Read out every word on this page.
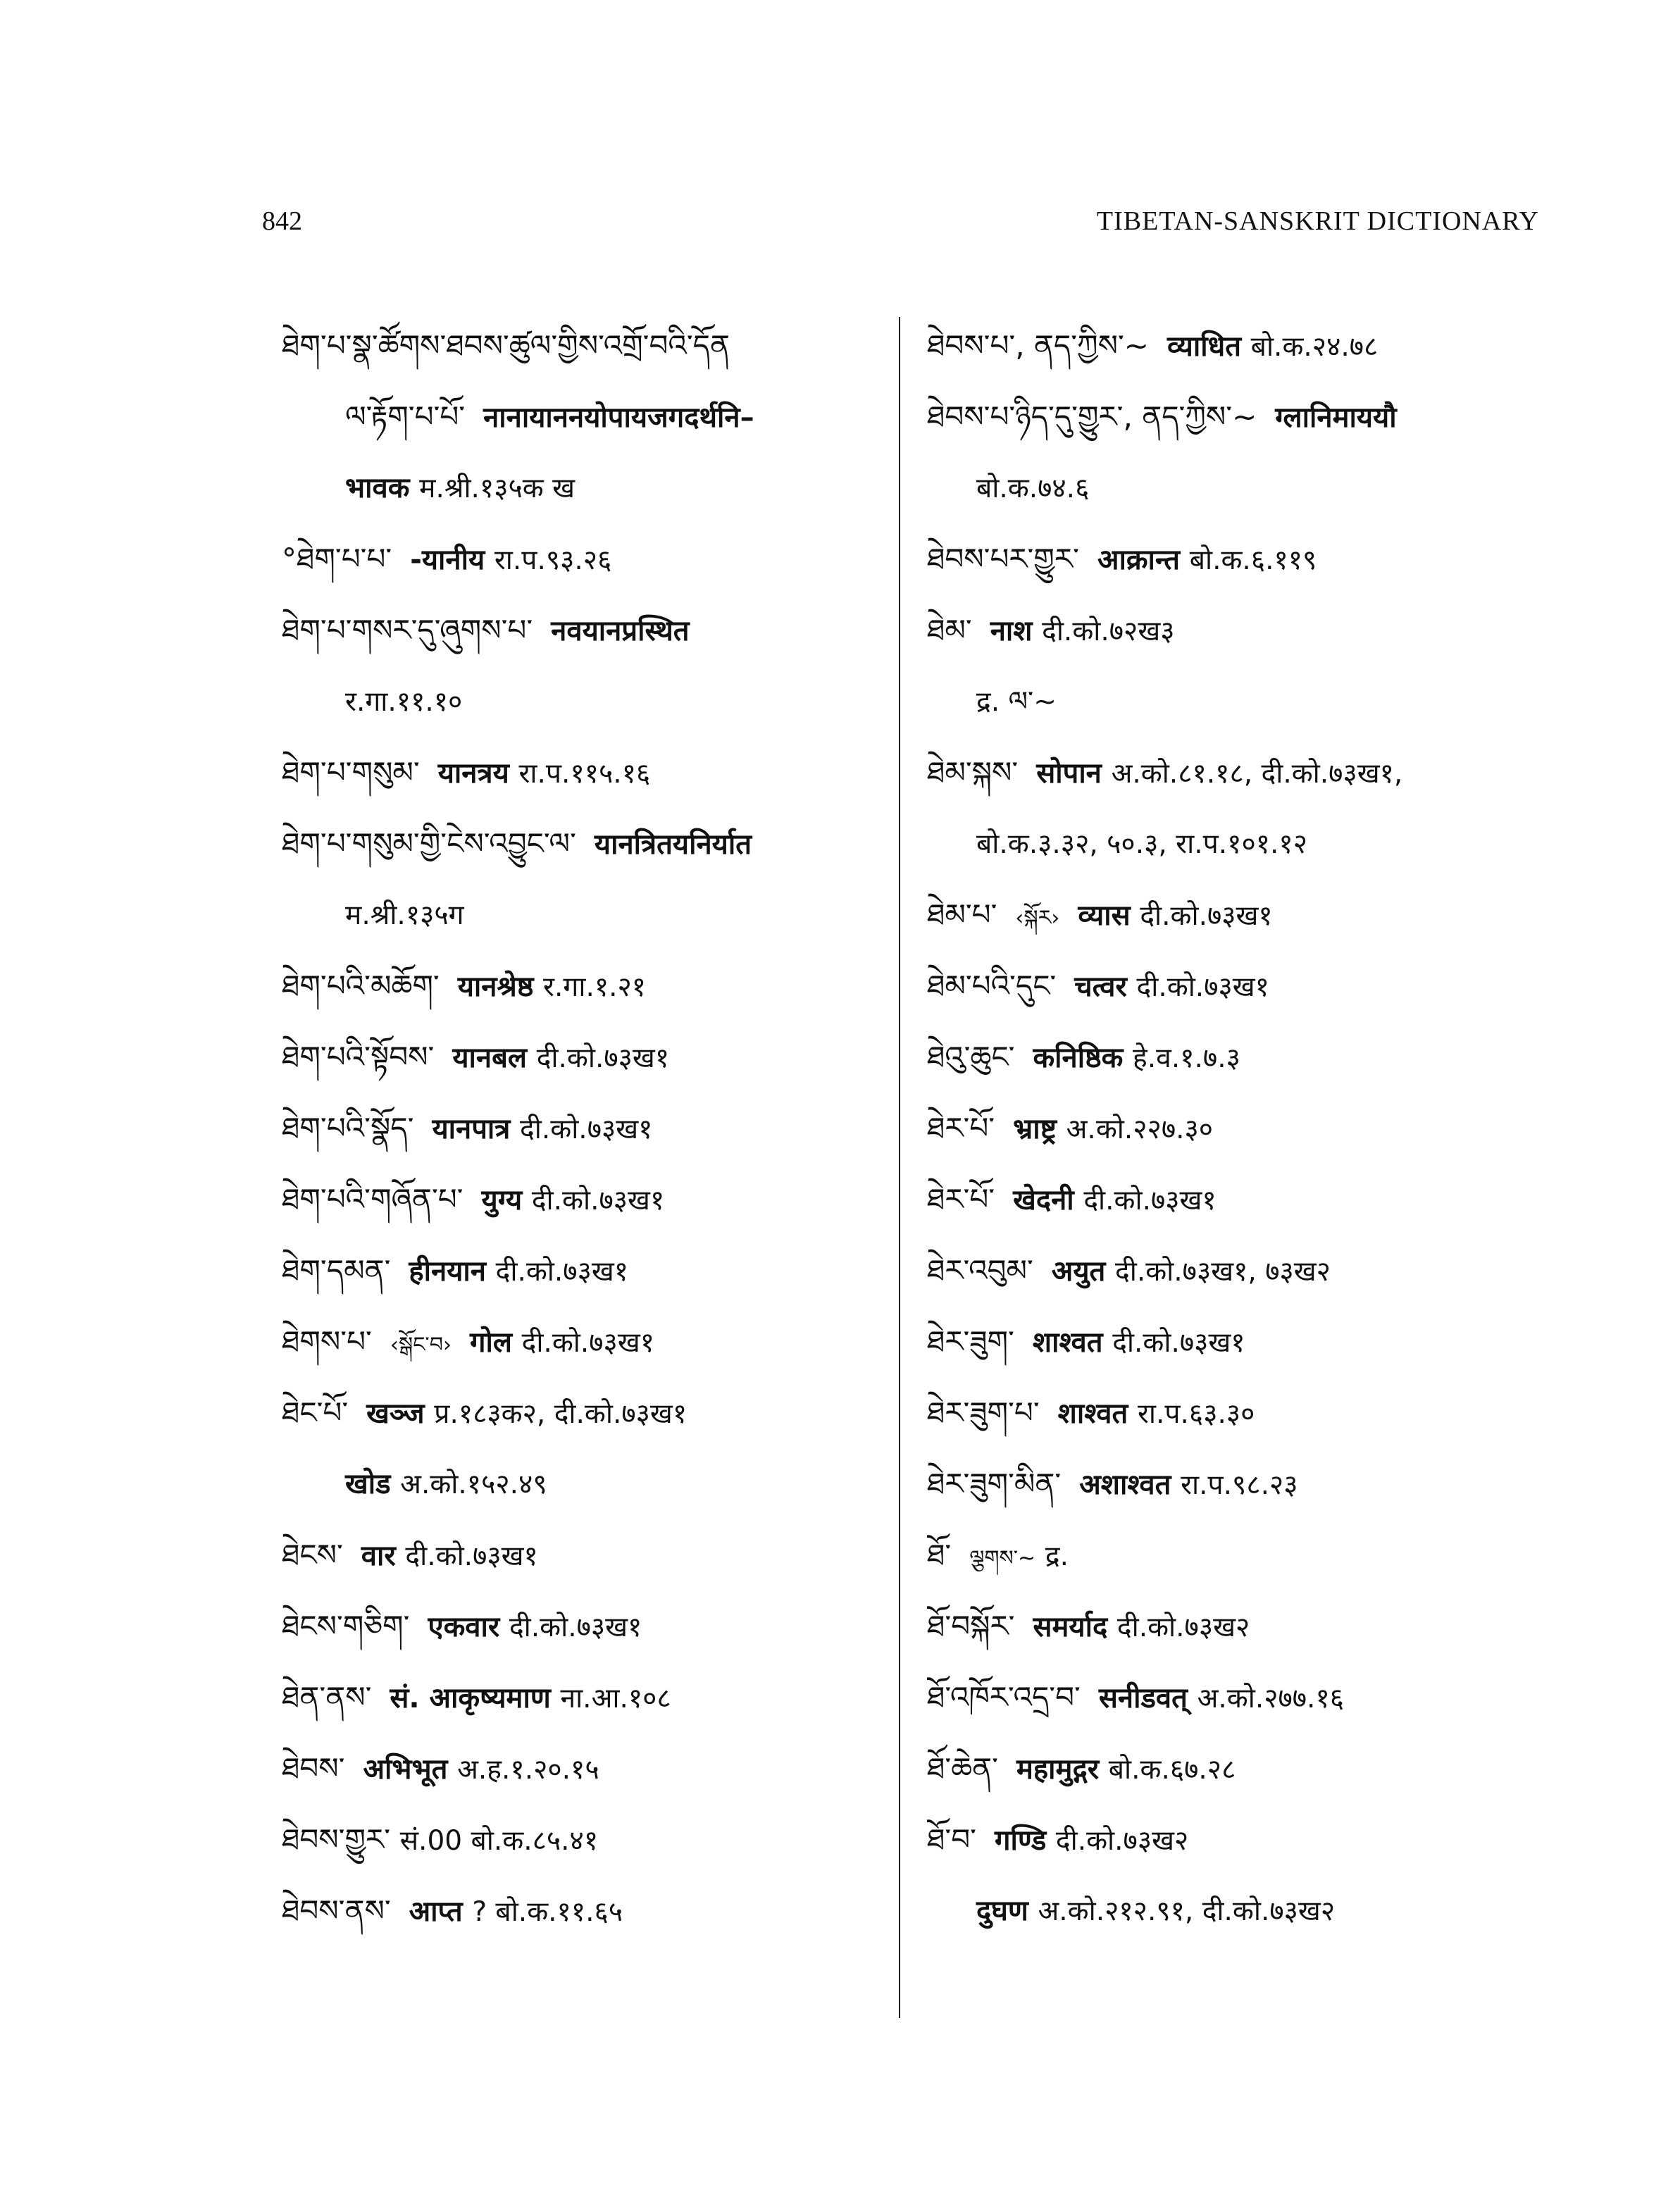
842	TIBETAN-SANSKRIT DICTIONARY
ཐེག་པ་སྣ་ཚོགས་ཐབས་ཚུལ་གྱིས་འགྲོ་བའི་དོན
ལ་རྟོག་པ་པོ་ नानायाननयोपायजगदर्थनि–
भावक म.श्री.१३५क ख
°ཐེག་པ་པ་ -यानीय रा.प.९३.२६
ཐེག་པ་གསར་དུ་ཞུགས་པ་ नवयानप्रस्थित
र.गा.११.१०
ཐེག་པ་གསུམ་ यानत्रय रा.प.११५.१६
ཐེག་པ་གསུམ་གྱི་ངེས་འབྱུང་ལ་ यानत्रितयनिर्यात
म.श्री.१३५ग
ཐེག་པའི་མཆོག་ यानश्रेष्ठ र.गा.१.२१
ཐེག་པའི་སྟོབས་ यानबल दी.को.७३ख१
ཐེག་པའི་སྣོད་ यानपात्र दी.को.७३ख१
ཐེག་པའི་གཞོན་པ་ युग्य दी.को.७३ख१
ཐེག་དམན་ हीनयान दी.को.७३ख१
ཐེགས་པ་ ‹སྒོང་བ› गोल दी.को.७३ख१
ཐེང་པོ་ खञ्ज प्र.१८३क२, दी.को.७३ख१
खोड अ.को.१५२.४९
ཐེངས་ वार दी.को.७३ख१
ཐེངས་གཅིག་ एकवार दी.को.७३ख१
ཐེན་ནས་ सं. आकृष्यमाण ना.आ.१०८
ཐེབས་ अभिभूत अ.ह.१.२०.१५
ཐེབས་གྱུར་ सं.00 बो.क.८५.४१
ཐེབས་ནས་ आप्त ? बो.क.११.६५
ཐེབས་པ་, ནད་ཀྱིས་~ व्याधित बो.क.२४.७८
ཐེབས་པ་ཉིད་དུ་གྱུར་, ནད་ཀྱིས་~ ग्लानिमाययौ
बो.क.७४.६
ཐེབས་པར་གྱུར་ आक्रान्त बो.क.६.११९
ཐེམ་ नाश दी.को.७२ख३
द्र. ལ་~
ཐེམ་སྐས་ सोपान अ.को.८१.१८, दी.को.७३ख१,
बो.क.३.३२, ५०.३, रा.प.१०१.१२
ཐེམ་པ་ ‹སྐོར› व्यास दी.को.७३ख१
ཐེམ་པའི་དུང་ चत्वर दी.को.७३ख१
ཐེའུ་ཆུང་ कनिष्ठिक हे.व.१.७.३
ཐེར་པོ་ भ्राष्ट्र अ.को.२२७.३०
ཐེར་པོ་ खेदनी दी.को.७३ख१
ཐེར་འབུམ་ अयुत दी.को.७३ख१, ७३ख२
ཐེར་ཟུག་ शाश्वत दी.को.७३ख१
ཐེར་ཟུག་པ་ शाश्वत रा.प.६३.३०
ཐེར་ཟུག་མིན་ अशाश्वत रा.प.९८.२३
ཐོ་ ལྕགས་~ द्र.
ཐོ་བསྐོར་ समर्याद दी.को.७३ख२
ཐོ་འཁོར་འདྲ་བ་ सनीडवत् अ.को.२७७.१६
ཐོ་ཆེན་ महामुद्गर बो.क.६७.२८
ཐོ་བ་ गण्डि दी.को.७३ख२
दुघण अ.को.२१२.९१, दी.को.७३ख२
